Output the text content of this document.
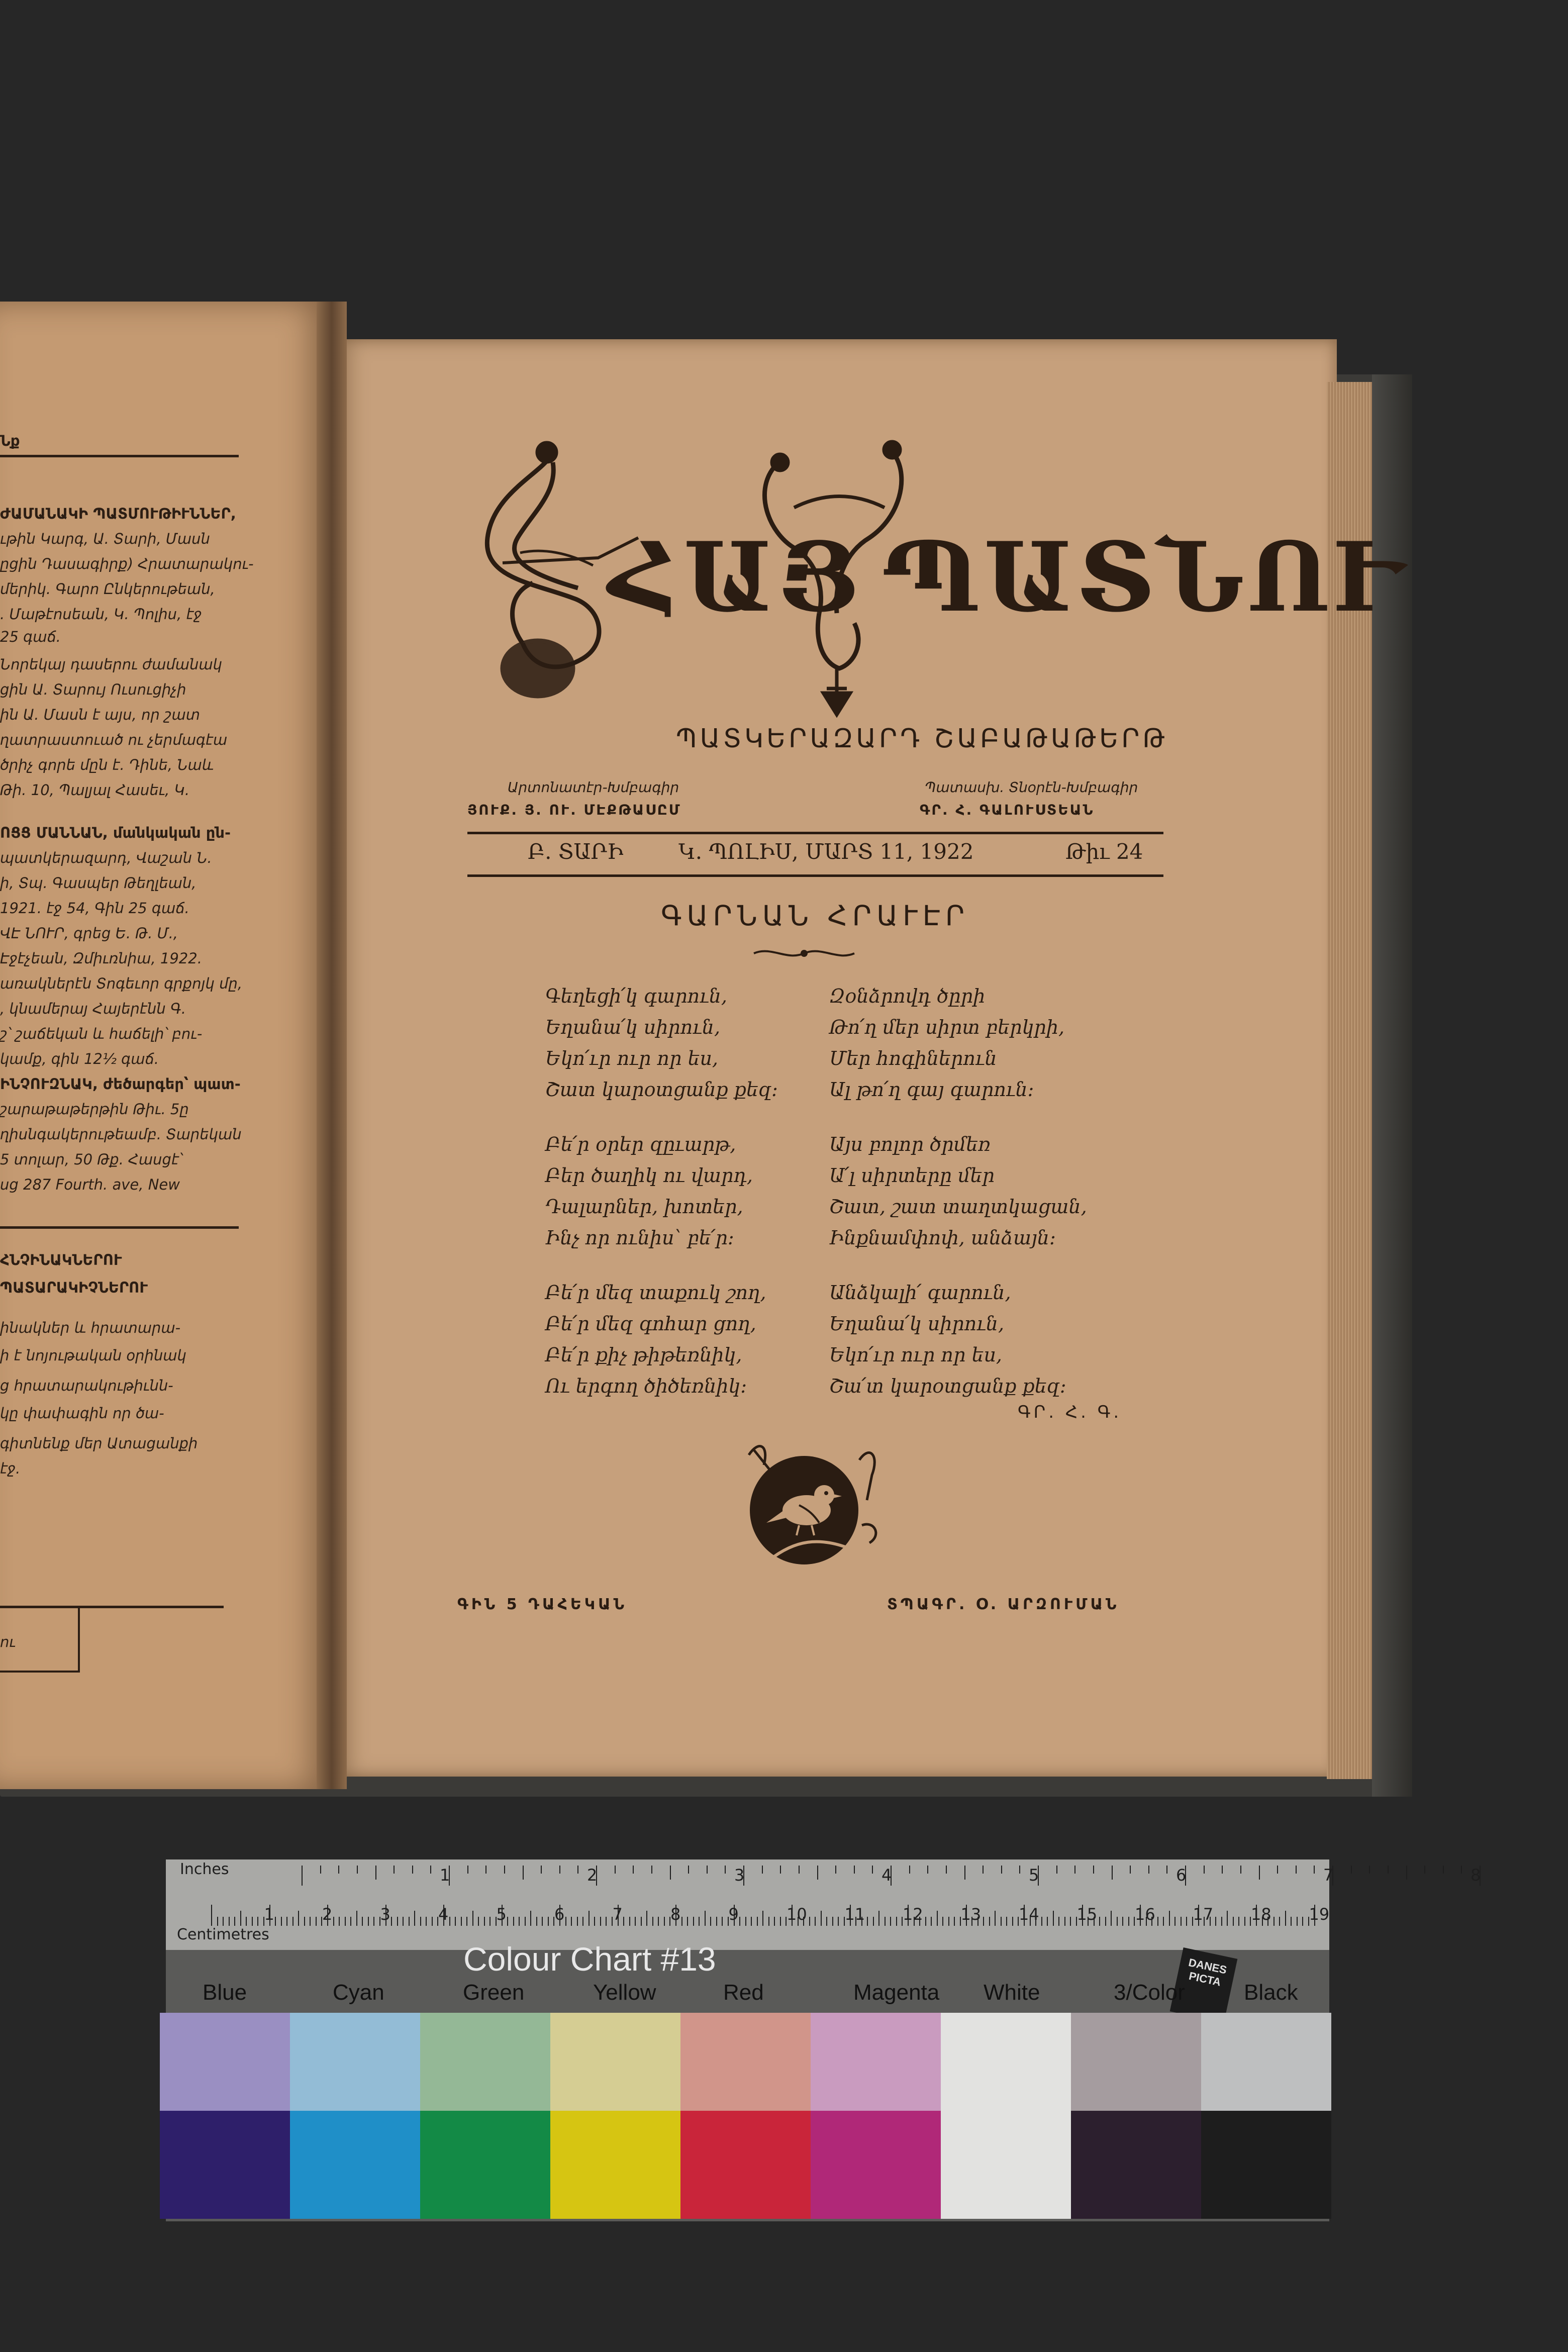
Նք
ԺԱՄԱՆԱԿԻ ՊԱՏՄՈՒԹԻՒՆՆԵՐ,
ւթին Կարգ, Ա. Տարի, Մասն
ըցին Դասագիրք) Հրատարակու-
մերիկ. Գարո Ընկերութեան,
. Մաթէոսեան, Կ. Պոլիս, էջ
25 գաճ.
Նորեկայ դասերու ժամանակ
ցին Ա. Տարույ Ուսուցիչի
ին Ա. Մասն է այս, որ շատ
ղատրաստուած ու չերմագէա
ծրիչ գորե մըն է. Դինե, Նաև
Թի. 10, Պալյալ Հասեւ, Կ.
ՈՑՑ ՄԱՆՆԱՆ, մանկական ըն-
պատկերազարդ, Վաշան Ն.
ի, Տպ. Գասպեր Թեղլեան,
1921. էջ 54, Գին 25 գաճ.
ՎԷ ՆՈՒՐ, գրեց Ե. Թ. Մ.,
Էջէչեան, Զմիւռնիա, 1922.
առակներէն Տոգեւոր գրքոյկ մը,
, կնամերայ Հայերէնն Գ.
շ՝ շաճեկան և հաճելի՝ բու-
կամք, գին 12½ գաճ.
ԻՆՉՈՒԶՆԱԿ, ժեծարգեր՝ պատ-
շարաթաթերթին Թիւ. 5ը
ղիսնգակերութեամբ. Տարեկան
5 տոլար, 50 Թք. Հասցէ՝
ug 287 Fourth. ave, New
ՀՆՉԻՆԱԿՆԵՐՈՒ
ՊԱՏԱՐԱԿԻՉՆԵՐՈՒ
ինակներ և հրատարա-
ի է նոյութական օրինակ
ց հրատարակութիւնն-
կը փափագին որ ծա-
գիտնենք մեր Ատացանքի
էջ.
ու
ՀԱՅ ՊԱՏՆՈՒ
ՊԱՏԿԵՐԱԶԱՐԴ ՇԱԲԱԹԱԹԵՐԹ
Արտոնատէր-Խմբագիր
ՅՈՒՔ. Յ. ՈՒ. ՄԷՔԹԱՍԸՄ
Պատասխ. Տնօրէն-Խմբագիր
ԳՐ. Հ. ԳԱԼՈՒՍՏԵԱՆ
Բ. ՏԱՐԻ	Կ. ՊՈԼԻՍ, ՄԱՐՏ 11, 1922	Թիւ 24
ԳԱՐՆԱՆ ՀՐԱՒԷՐ
Գեղեցի՛կ գարուն,
Եղանա՛կ սիրուն,
Եկո՛ւր ուր որ ես,
Շատ կարօտցանք քեզ:
Բե՛ր օրեր զըւարթ,
Բեր ծաղիկ ու վարդ,
Դալարներ, խոտեր,
Ինչ որ ունիս՝ բե՛ր:
Բե՛ր մեզ տաքուկ շող,
Բե՛ր մեզ գոհար ցող,
Բե՛ր քիչ թիթեռնիկ,
Ու երգող ծիծեռնիկ:
Զօնձրովդ ծըրի
Թո՛ղ մեր սիրտ բերկրի,
Մեր հոգիներուն
Ալ թո՛ղ գայ գարուն:
Այս բոլոր ծրմեռ
Ա՛լ սիրտերը մեր
Շատ, շատ տաղտկացան,
Ինքնամփոփ, անձայն:
Անձկալի՛ գարուն,
Եղանա՛կ սիրուն,
Եկո՛ւր ուր որ ես,
Շա՛տ կարօտցանք քեզ:
ԳՐ. Հ. Գ.
ԳԻՆ 5 ԴԱՀԵԿԱՆ	ՏՊԱԳՐ. Օ. ԱՐԶՈՒՄԱՆ
Inches
Centimetres
1	2	3	4	5	6	7	8	9	10 11 12 13 14 15 16 17 18 19
1	2	3	4	5	6	7	8
Colour Chart #13	DANES PICTA
Blue	Cyan	Green	Yellow	Red	Magenta White	3/Color	Black
